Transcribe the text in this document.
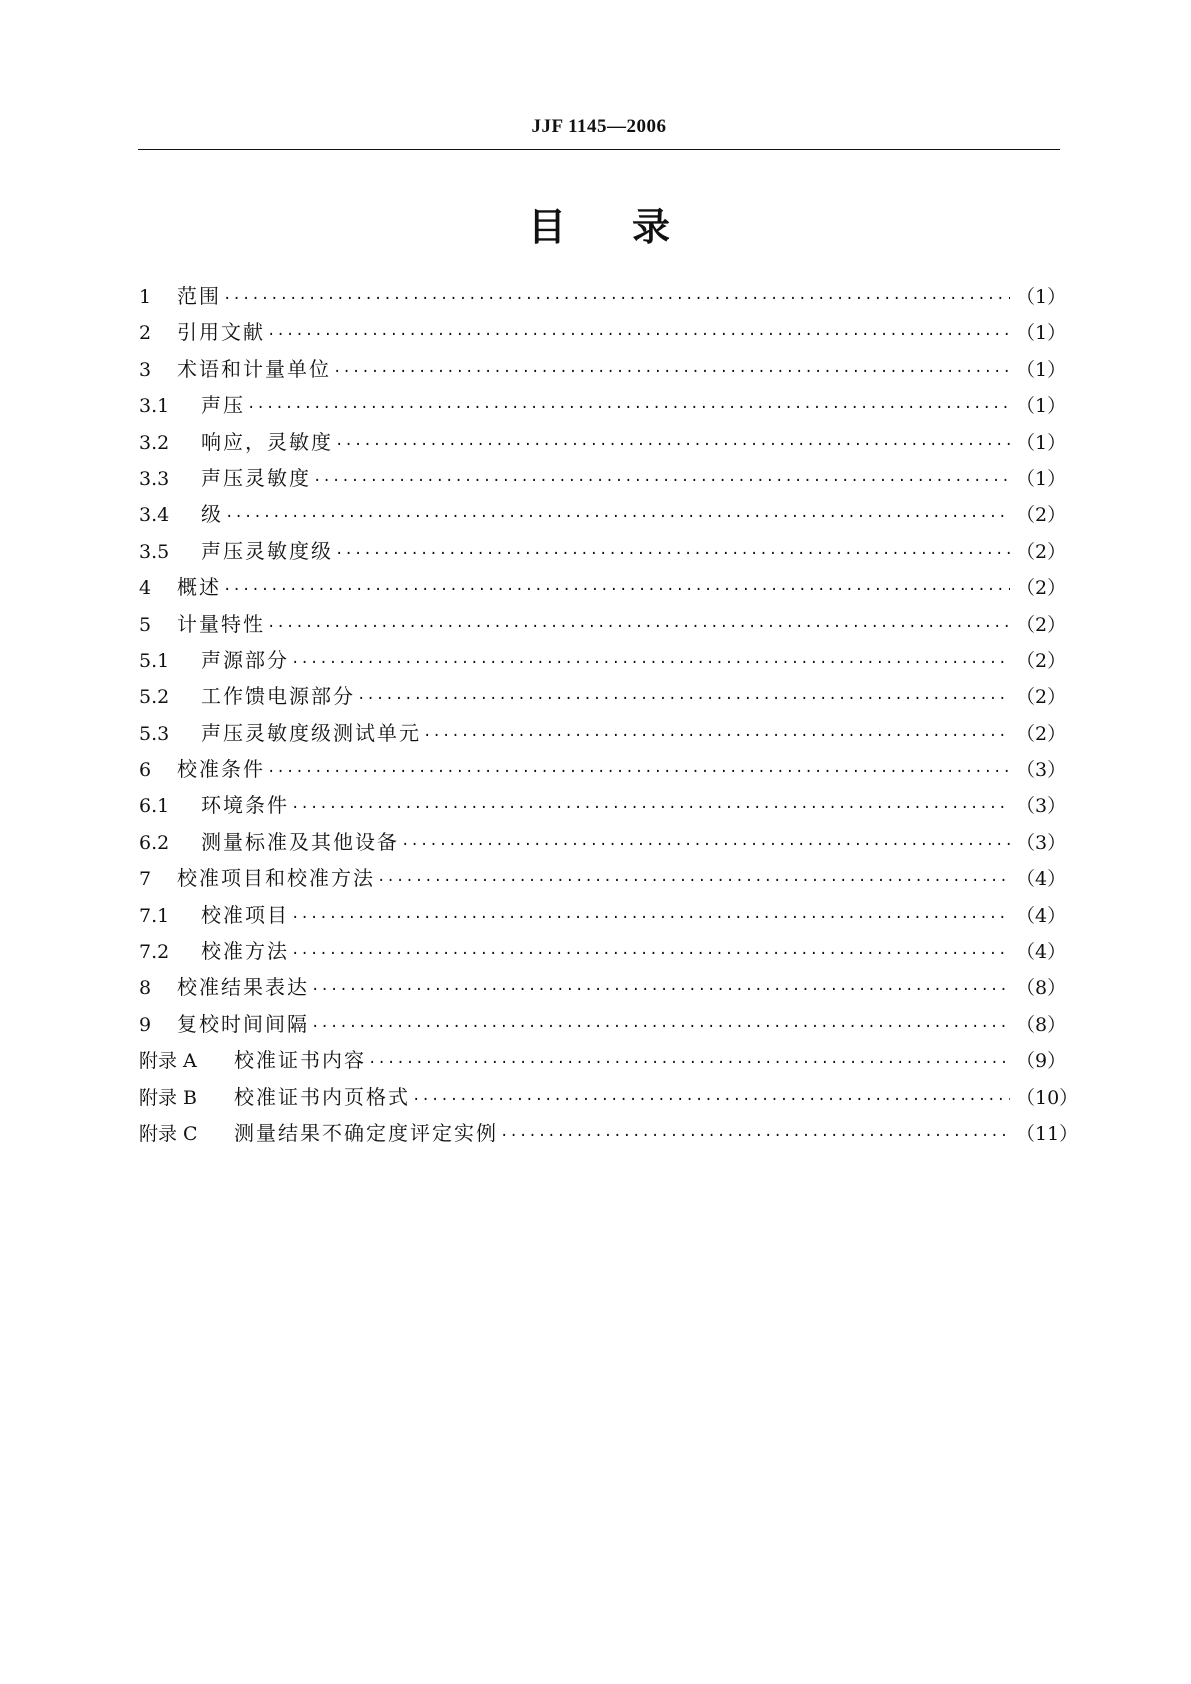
JJF 1145—2006
目录
1	范围 ·····	（1）
2	引用文献 ·····	（1）
3	术语和计量单位 ·····	（1）
3.1	声压 ·····	（1）
3.2	响应，灵敏度 ·····	（1）
3.3	声压灵敏度 ·····	（1）
3.4	级 ·····	（2）
3.5	声压灵敏度级 ·····	（2）
4	概述 ·····	（2）
5	计量特性 ·····	（2）
5.1	声源部分 ·····	（2）
5.2	工作馈电源部分 ·····	（2）
5.3	声压灵敏度级测试单元 ·····	（2）
6	校准条件 ·····	（3）
6.1	环境条件 ·····	（3）
6.2	测量标准及其他设备 ·····	（3）
7	校准项目和校准方法 ·····	（4）
7.1	校准项目 ·····	（4）
7.2	校准方法 ·····	（4）
8	校准结果表达 ·····	（8）
9	复校时间间隔 ·····	（8）
附录 A	校准证书内容 ·····	（9）
附录 B	校准证书内页格式 ·····	（10）
附录 C	测量结果不确定度评定实例 ·····	（11）
